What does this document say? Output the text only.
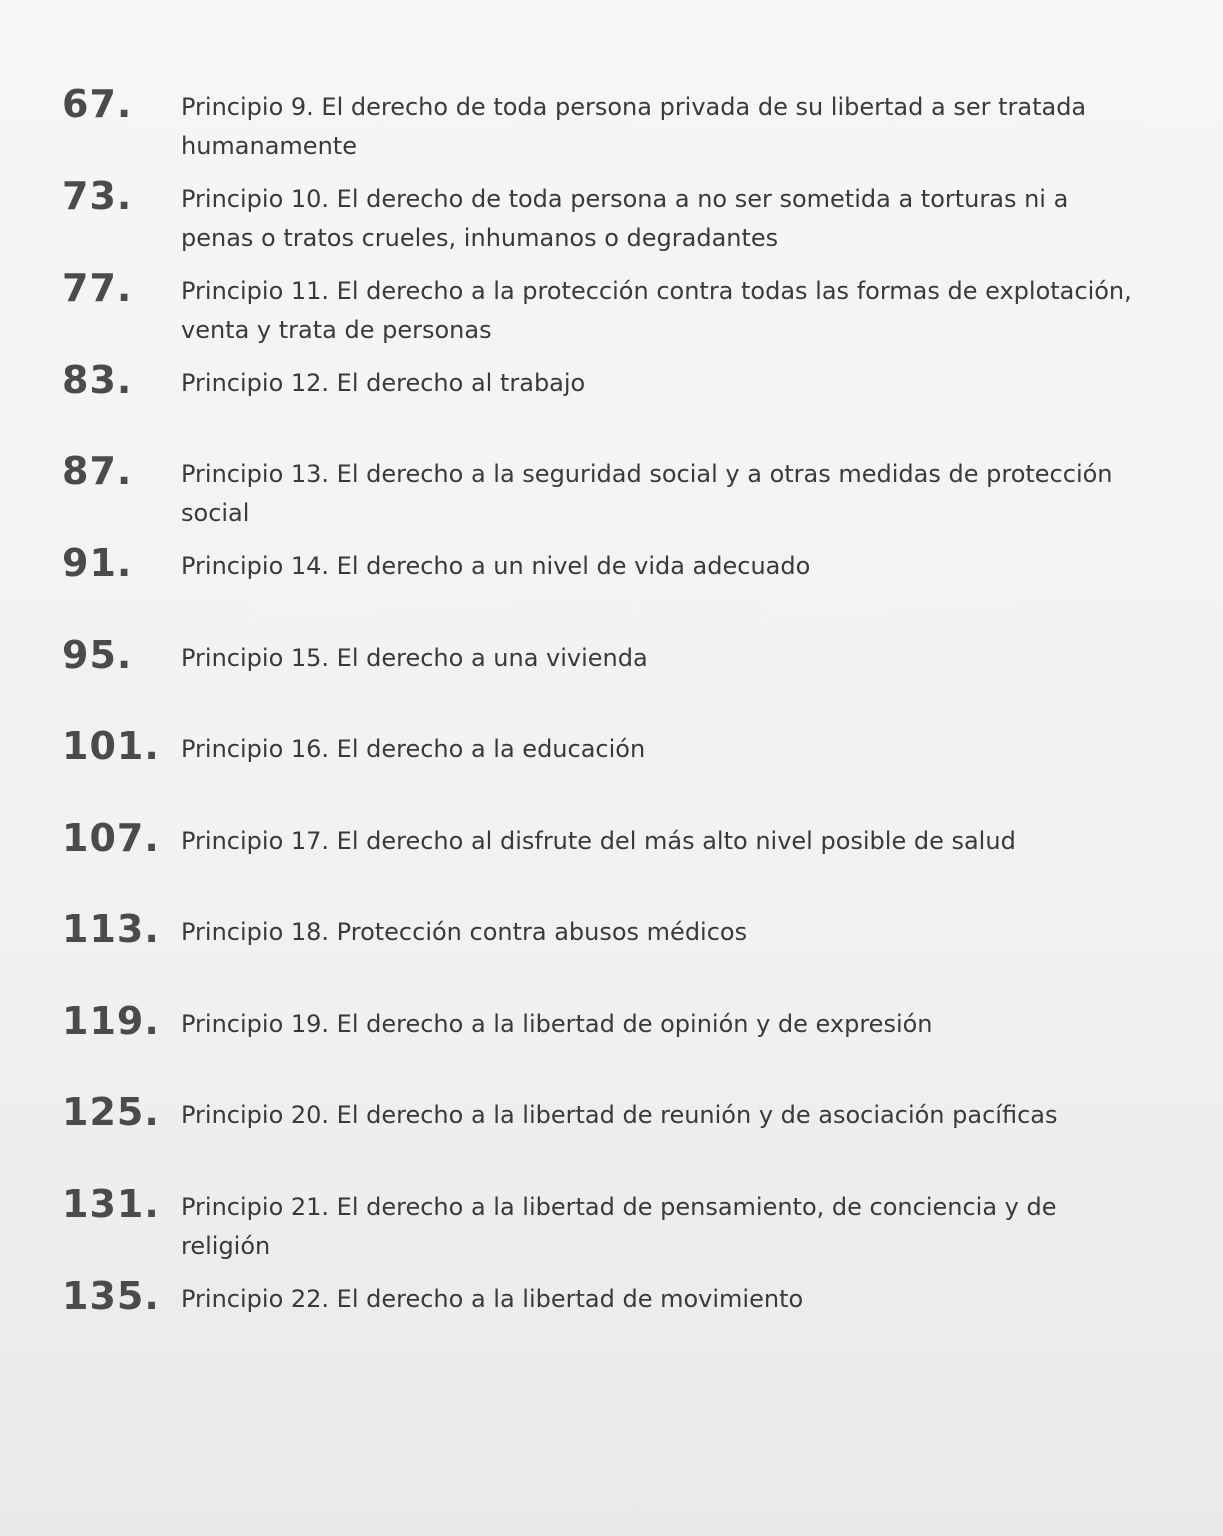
67. Principio 9. El derecho de toda persona privada de su libertad a ser tratada humanamente
73. Principio 10. El derecho de toda persona a no ser sometida a torturas ni a penas o tratos crueles, inhumanos o degradantes
77. Principio 11. El derecho a la protección contra todas las formas de explotación, venta y trata de personas
83. Principio 12. El derecho al trabajo
87. Principio 13. El derecho a la seguridad social y a otras medidas de protección social
91. Principio 14. El derecho a un nivel de vida adecuado
95. Principio 15. El derecho a una vivienda
101. Principio 16. El derecho a la educación
107. Principio 17. El derecho al disfrute del más alto nivel posible de salud
113. Principio 18. Protección contra abusos médicos
119. Principio 19. El derecho a la libertad de opinión y de expresión
125. Principio 20. El derecho a la libertad de reunión y de asociación pacíficas
131. Principio 21. El derecho a la libertad de pensamiento, de conciencia y de religión
135. Principio 22. El derecho a la libertad de movimiento
